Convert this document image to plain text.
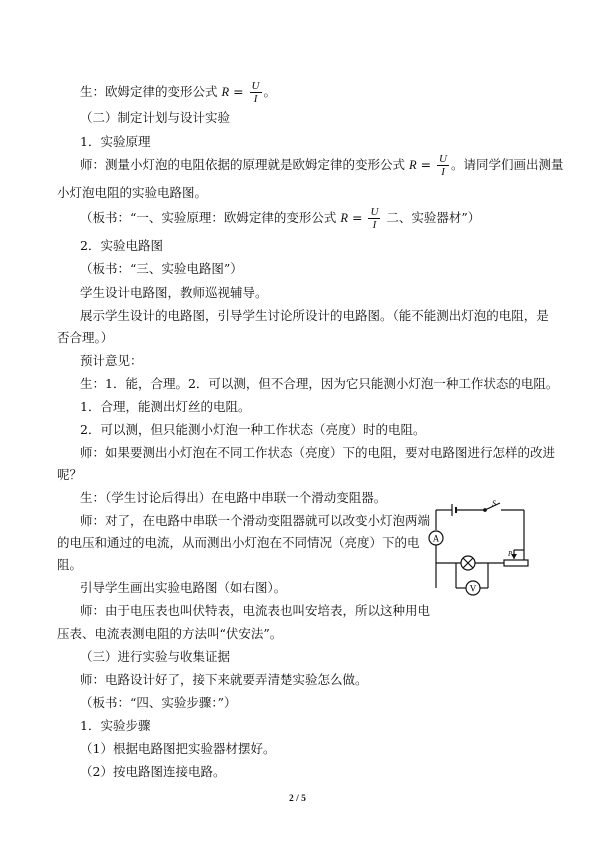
生：欧姆定律的变形公式 $R = \frac{U}{I}$ 。
（二）制定计划与设计实验
1．实验原理
师：测量小灯泡的电阻依据的原理就是欧姆定律的变形公式 $R = \frac{U}{I}$ 。请同学们画出测量
小灯泡电阻的实验电路图。
（板书：“一、实验原理：欧姆定律的变形公式 $R = \frac{U}{I}$ 二、实验器材”）
2．实验电路图
（板书：“三、实验电路图”）
学生设计电路图，教师巡视辅导。
展示学生设计的电路图，引导学生讨论所设计的电路图。（能不能测出灯泡的电阻，是
否合理。）
预计意见：
生：1．能，合理。2．可以测，但不合理，因为它只能测小灯泡一种工作状态的电阻。
1．合理，能测出灯丝的电阻。
2．可以测，但只能测小灯泡一种工作状态（亮度）时的电阻。
师：如果要测出小灯泡在不同工作状态（亮度）下的电阻，要对电路图进行怎样的改进
呢？
生：（学生讨论后得出）在电路中串联一个滑动变阻器。
师：对了，在电路中串联一个滑动变阻器就可以改变小灯泡两端
的电压和通过的电流，从而测出小灯泡在不同情况（亮度）下的电
阻。
引导学生画出实验电路图（如右图）。
师：由于电压表也叫伏特表，电流表也叫安培表，所以这种用电
压表、电流表测电阻的方法叫“伏安法”。
（三）进行实验与收集证据
师：电路设计好了，接下来就要弄清楚实验怎么做。
（板书：“四、实验步骤：”）
1．实验步骤
（1）根据电路图把实验器材摆好。
（2）按电路图连接电路。
A
V
S
P
2 / 5
